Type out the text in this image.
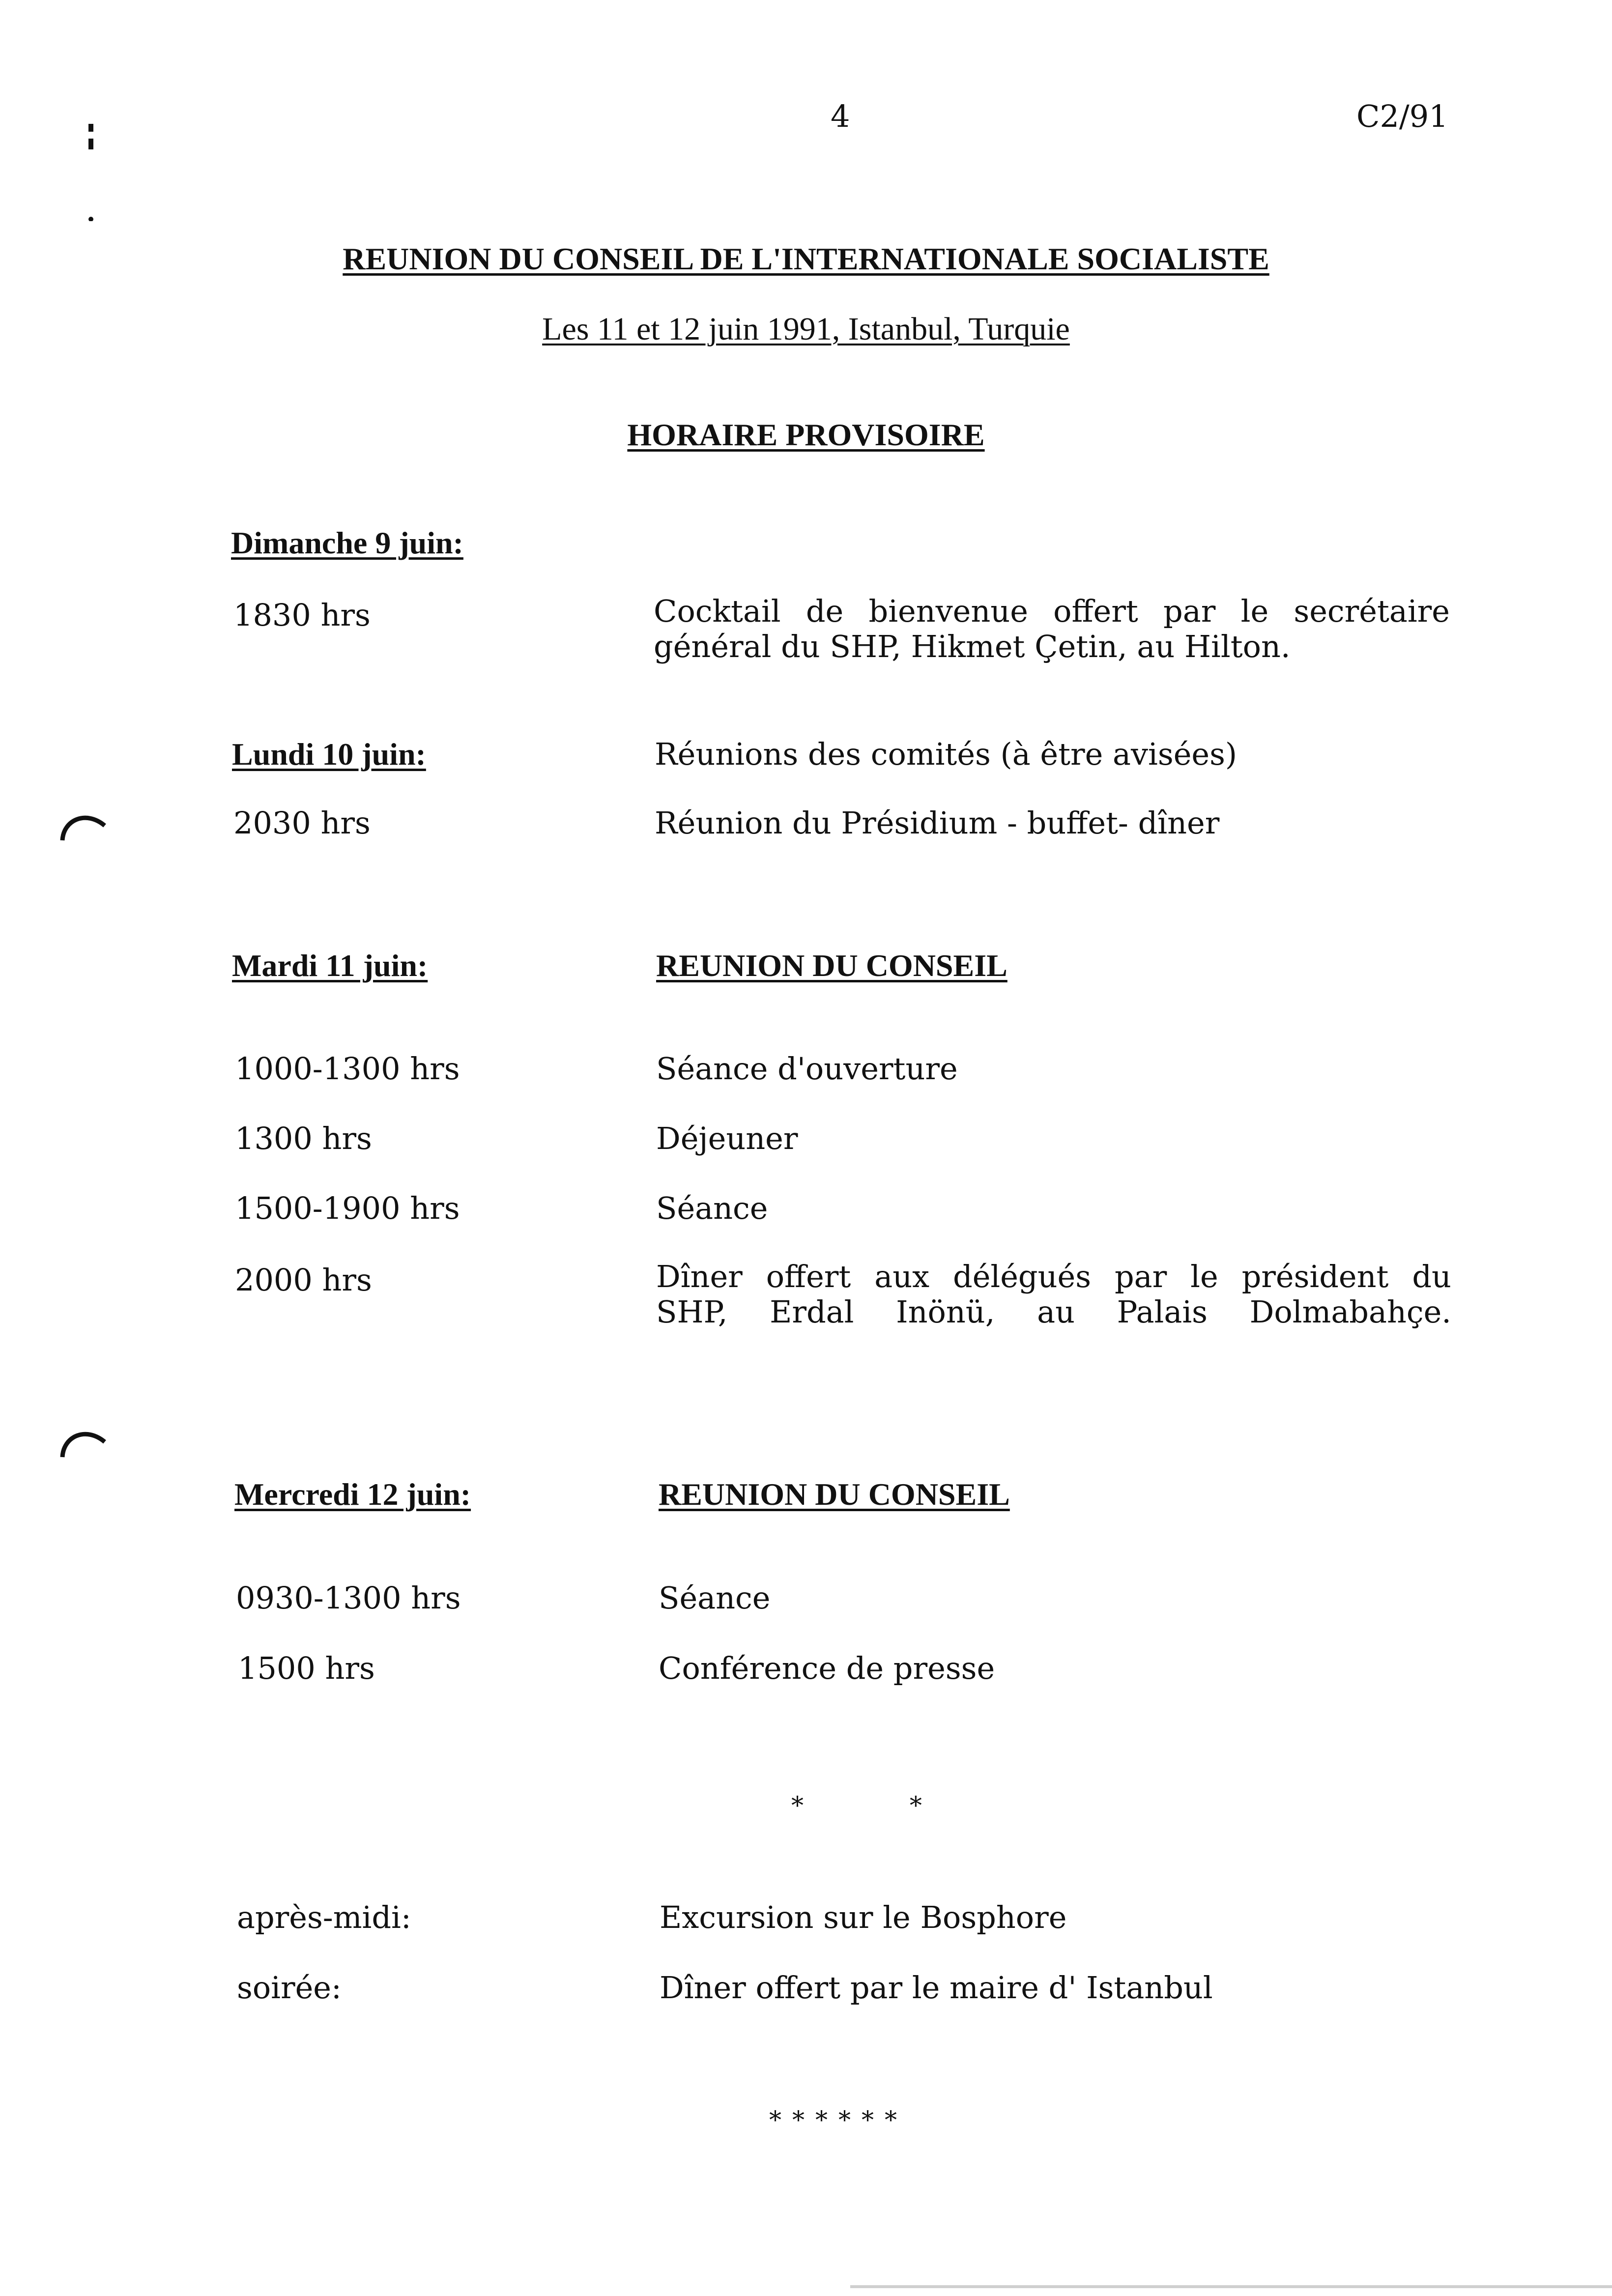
4	C2/91
REUNION DU CONSEIL DE L'INTERNATIONALE SOCIALISTE
Les 11 et 12 juin 1991, Istanbul, Turquie
HORAIRE PROVISOIRE
Dimanche 9 juin:
1830 hrs	Cocktail de bienvenue offert par le secrétaire
général du SHP, Hikmet Çetin, au Hilton.
Lundi 10 juin:	Réunions des comités (à être avisées)
2030 hrs	Réunion du Présidium - buffet- dîner
Mardi 11 juin:	REUNION DU CONSEIL
1000-1300 hrs	Séance d'ouverture
1300 hrs	Déjeuner
1500-1900 hrs	Séance
2000 hrs	Dîner offert aux délégués par le président du
SHP, Erdal Inönü, au Palais Dolmabahçe.
Mercredi 12 juin:	REUNION DU CONSEIL
0930-1300 hrs	Séance
1500 hrs	Conférence de presse
* *
après-midi:	Excursion sur le Bosphore
soirée:	Dîner offert par le maire d' Istanbul
******
